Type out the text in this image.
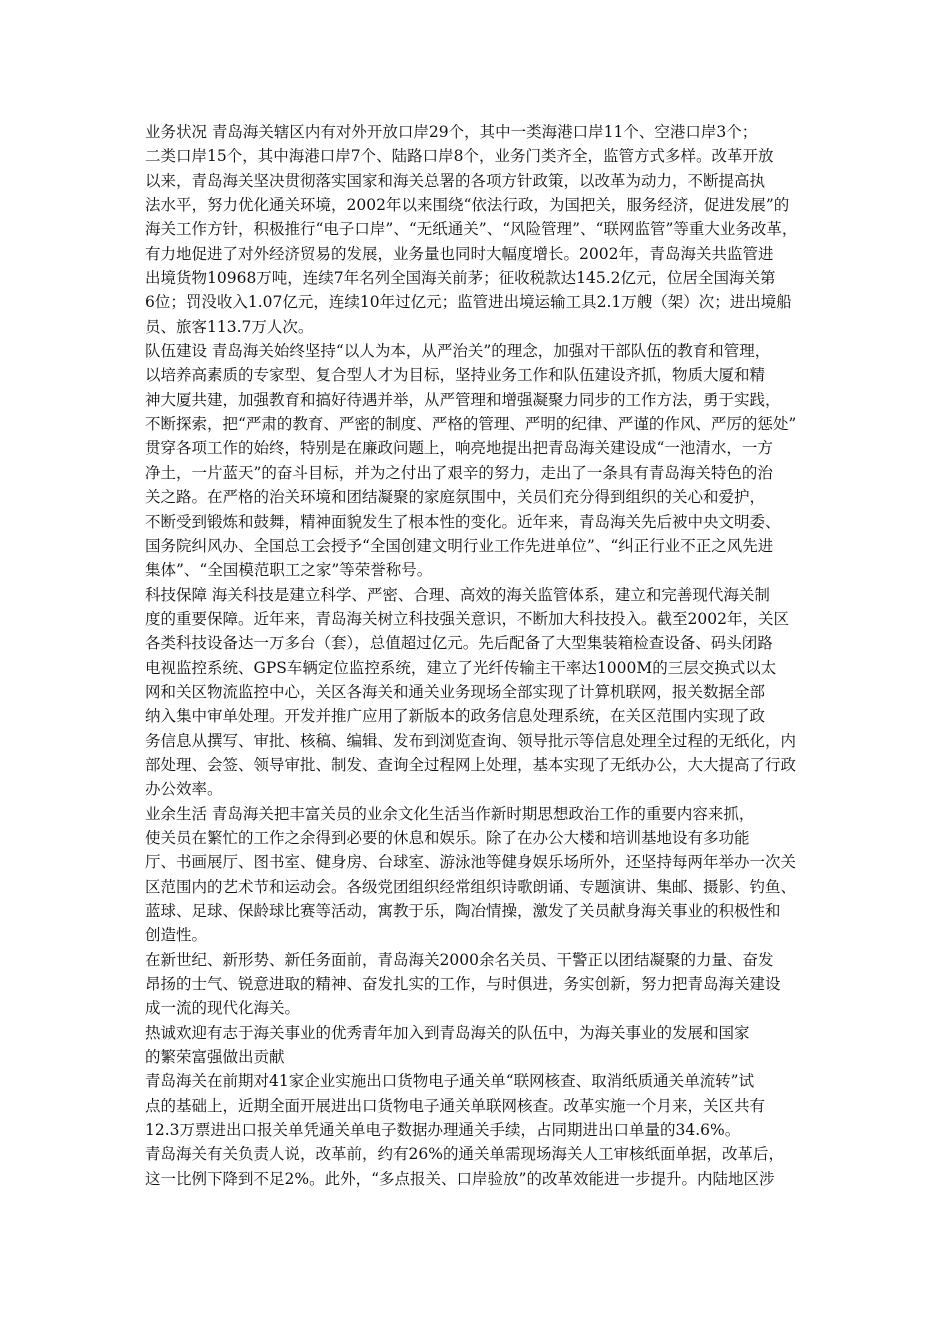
业务状况 青岛海关辖区内有对外开放口岸29个，其中一类海港口岸11个、空港口岸3个；
二类口岸15个，其中海港口岸7个、陆路口岸8个，业务门类齐全，监管方式多样。改革开放
以来，青岛海关坚决贯彻落实国家和海关总署的各项方针政策，以改革为动力，不断提高执
法水平，努力优化通关环境，2002年以来围绕“依法行政，为国把关，服务经济，促进发展”的
海关工作方针，积极推行“电子口岸”、“无纸通关”、“风险管理”、“联网监管”等重大业务改革，
有力地促进了对外经济贸易的发展，业务量也同时大幅度增长。2002年，青岛海关共监管进
出境货物10968万吨，连续7年名列全国海关前茅；征收税款达145.2亿元，位居全国海关第
6位；罚没收入1.07亿元，连续10年过亿元；监管进出境运输工具2.1万艘（架）次；进出境船
员、旅客113.7万人次。
队伍建设 青岛海关始终坚持“以人为本，从严治关”的理念，加强对干部队伍的教育和管理，
以培养高素质的专家型、复合型人才为目标，坚持业务工作和队伍建设齐抓，物质大厦和精
神大厦共建，加强教育和搞好待遇并举，从严管理和增强凝聚力同步的工作方法，勇于实践，
不断探索，把“严肃的教育、严密的制度、严格的管理、严明的纪律、严谨的作风、严厉的惩处”
贯穿各项工作的始终，特别是在廉政问题上，响亮地提出把青岛海关建设成“一池清水，一方
净土，一片蓝天”的奋斗目标，并为之付出了艰辛的努力，走出了一条具有青岛海关特色的治
关之路。在严格的治关环境和团结凝聚的家庭氛围中，关员们充分得到组织的关心和爱护，
不断受到锻炼和鼓舞，精神面貌发生了根本性的变化。近年来，青岛海关先后被中央文明委、
国务院纠风办、全国总工会授予“全国创建文明行业工作先进单位”、“纠正行业不正之风先进
集体”、“全国模范职工之家”等荣誉称号。
科技保障 海关科技是建立科学、严密、合理、高效的海关监管体系，建立和完善现代海关制
度的重要保障。近年来，青岛海关树立科技强关意识，不断加大科技投入。截至2002年，关区
各类科技设备达一万多台（套），总值超过亿元。先后配备了大型集装箱检查设备、码头闭路
电视监控系统、GPS车辆定位监控系统，建立了光纤传输主干率达1000M的三层交换式以太
网和关区物流监控中心，关区各海关和通关业务现场全部实现了计算机联网，报关数据全部
纳入集中审单处理。开发并推广应用了新版本的政务信息处理系统，在关区范围内实现了政
务信息从撰写、审批、核稿、编辑、发布到浏览查询、领导批示等信息处理全过程的无纸化，内
部处理、会签、领导审批、制发、查询全过程网上处理，基本实现了无纸办公，大大提高了行政
办公效率。
业余生活 青岛海关把丰富关员的业余文化生活当作新时期思想政治工作的重要内容来抓，
使关员在繁忙的工作之余得到必要的休息和娱乐。除了在办公大楼和培训基地设有多功能
厅、书画展厅、图书室、健身房、台球室、游泳池等健身娱乐场所外，还坚持每两年举办一次关
区范围内的艺术节和运动会。各级党团组织经常组织诗歌朗诵、专题演讲、集邮、摄影、钓鱼、
蓝球、足球、保龄球比赛等活动，寓教于乐，陶冶情操，激发了关员献身海关事业的积极性和
创造性。
在新世纪、新形势、新任务面前，青岛海关2000余名关员、干警正以团结凝聚的力量、奋发
昂扬的士气、锐意进取的精神、奋发扎实的工作，与时俱进，务实创新，努力把青岛海关建设
成一流的现代化海关。
热诚欢迎有志于海关事业的优秀青年加入到青岛海关的队伍中，为海关事业的发展和国家
的繁荣富强做出贡献
青岛海关在前期对41家企业实施出口货物电子通关单“联网核查、取消纸质通关单流转”试
点的基础上，近期全面开展进出口货物电子通关单联网核查。改革实施一个月来，关区共有
12.3万票进出口报关单凭通关单电子数据办理通关手续，占同期进出口单量的34.6%。
青岛海关有关负责人说，改革前，约有26%的通关单需现场海关人工审核纸面单据，改革后，
这一比例下降到不足2%。此外，“多点报关、口岸验放”的改革效能进一步提升。内陆地区涉
